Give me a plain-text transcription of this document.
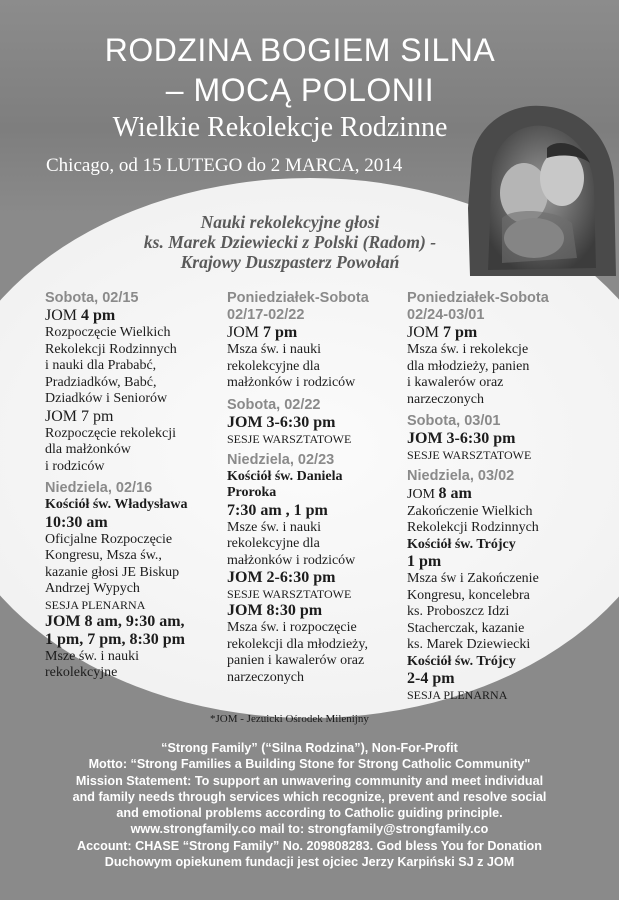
RODZINA BOGIEM SILNA
– MOCĄ POLONII
Wielkie Rekolekcje Rodzinne
Chicago, od 15 LUTEGO do 2 MARCA, 2014
Nauki rekolekcyjne głosi
ks. Marek Dziewiecki z Polski (Radom) -
Krajowy Duszpasterz Powołań

Sobota, 02/15

JOM 4 pm

Rozpoczęcie Wielkich

Rekolekcji Rodzinnych

i nauki dla Prababć,

Pradziadków, Babć,

Dziadków i Seniorów

JOM 7 pm

Rozpoczęcie rekolekcji

dla małżonków

i rodziców

Niedziela, 02/16

Kościół św. Władysława

10:30 am

Oficjalne Rozpoczęcie

Kongresu, Msza św.,

kazanie głosi JE Biskup

Andrzej Wypych

SESJA PLENARNA

JOM 8 am, 9:30 am,

1 pm, 7 pm, 8:30 pm

Msze św. i nauki

rekolekcyjne

Poniedziałek-Sobota

02/17-02/22

JOM 7 pm

Msza św. i nauki

rekolekcyjne dla

małżonków i rodziców

Sobota, 02/22

JOM 3-6:30 pm

SESJE WARSZTATOWE

Niedziela, 02/23

Kościół św. Daniela

Proroka

7:30 am , 1 pm

Msze św. i nauki

rekolekcyjne dla

małżonków i rodziców

JOM 2-6:30 pm

SESJE WARSZTATOWE

JOM 8:30 pm

Msza św. i rozpoczęcie

rekolekcji dla młodzieży,

panien i kawalerów oraz

narzeczonych

Poniedziałek-Sobota

02/24-03/01

JOM 7 pm

Msza św. i rekolekcje

dla młodzieży, panien

i kawalerów oraz

narzeczonych

Sobota, 03/01

JOM 3-6:30 pm

SESJE WARSZTATOWE

Niedziela, 03/02

JOM 8 am

Zakończenie Wielkich

Rekolekcji Rodzinnych

Kościół św. Trójcy

1 pm

Msza św i Zakończenie

Kongresu, koncelebra

ks. Proboszcz Idzi

Stacherczak, kazanie

ks. Marek Dziewiecki

Kościół św. Trójcy

2-4 pm

SESJA PLENARNA

*JOM - Jezuicki Ośrodek Milenijny
“Strong Family” (“Silna Rodzina”), Non-For-Profit
Motto: “Strong Families a Building Stone for Strong Catholic Community"
Mission Statement: To support an unwavering community and meet individual
and family needs through services which recognize, prevent and resolve social
and emotional problems according to Catholic guiding principle.
www.strongfamily.co mail to: strongfamily@strongfamily.co
Account: CHASE “Strong Family” No. 209808283. God bless You for Donation
Duchowym opiekunem fundacji jest ojciec Jerzy Karpiński SJ z JOM
